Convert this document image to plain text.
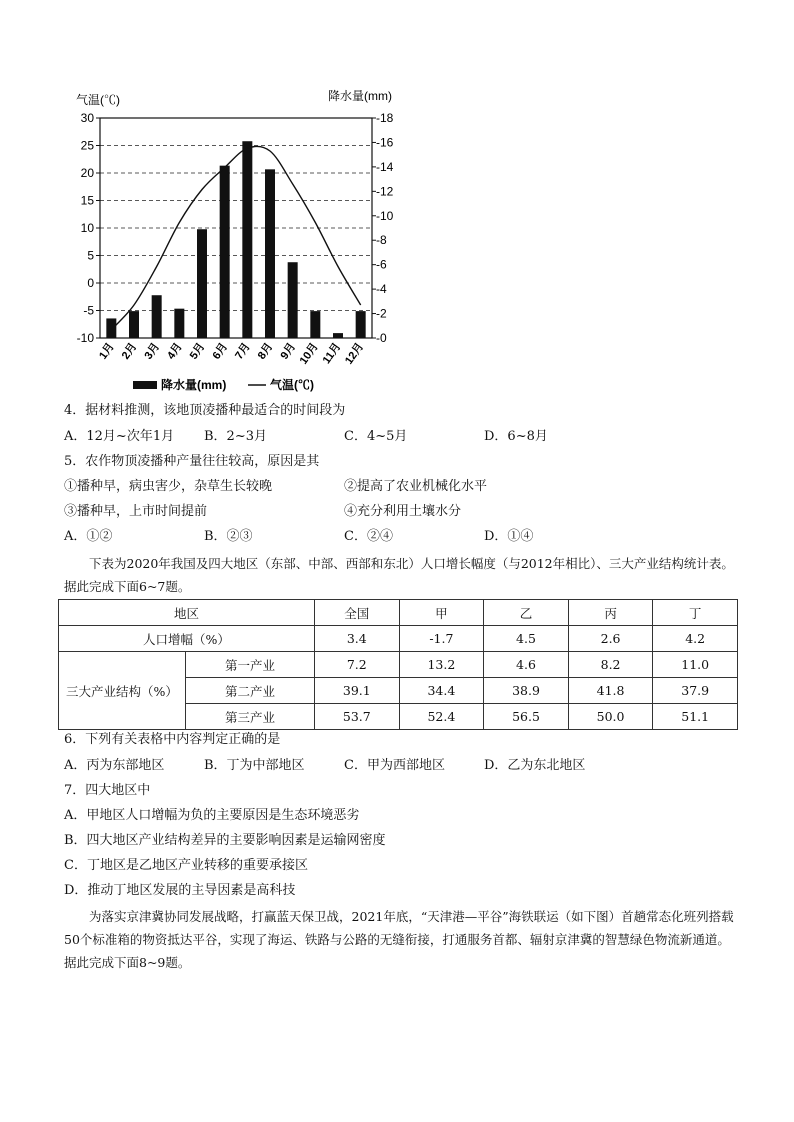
气温(℃)	降水量(mm)
30
25
20
15
10
5
0
-5
-10
-18
-16
-14
-12
-10
-8
-6
-4
-2
-0
1月 2月 3月 4月 5月 6月 7月 8月 9月 10月 11月 12月
降水量(mm)	气温(℃)
4．据材料推测，该地顶凌播种最适合的时间段为
A．12月~次年1月 B．2~3月	C．4~5月	D．6~8月
5．农作物顶凌播种产量往往较高，原因是其
①播种早，病虫害少，杂草生长较晚	②提高了农业机械化水平
③播种早，上市时间提前	④充分利用土壤水分
A．①②	B．②③	C．②④	D．①④
下表为2020年我国及四大地区（东部、中部、西部和东北）人口增长幅度（与2012年相比）、三大产业结构统计表。据此完成下面6~7题。
地区		全国	甲	乙	丙	丁
人口增幅（%）		3.4	-1.7	4.5	2.6	4.2
三大产业结构（%）	第一产业	7.2	13.2	4.6	8.2	11.0
	第二产业	39.1	34.4	38.9	41.8	37.9
	第三产业	53.7	52.4	56.5	50.0	51.1
6．下列有关表格中内容判定正确的是
A．丙为东部地区	B．丁为中部地区	C．甲为西部地区	D．乙为东北地区
7．四大地区中
A．甲地区人口增幅为负的主要原因是生态环境恶劣
B．四大地区产业结构差异的主要影响因素是运输网密度
C．丁地区是乙地区产业转移的重要承接区
D．推动丁地区发展的主导因素是高科技
为落实京津冀协同发展战略，打赢蓝天保卫战，2021年底，“天津港—平谷”海铁联运（如下图）首趟常态化班列搭载50个标准箱的物资抵达平谷，实现了海运、铁路与公路的无缝衔接，打通服务首都、辐射京津冀的智慧绿色物流新通道。据此完成下面8~9题。
